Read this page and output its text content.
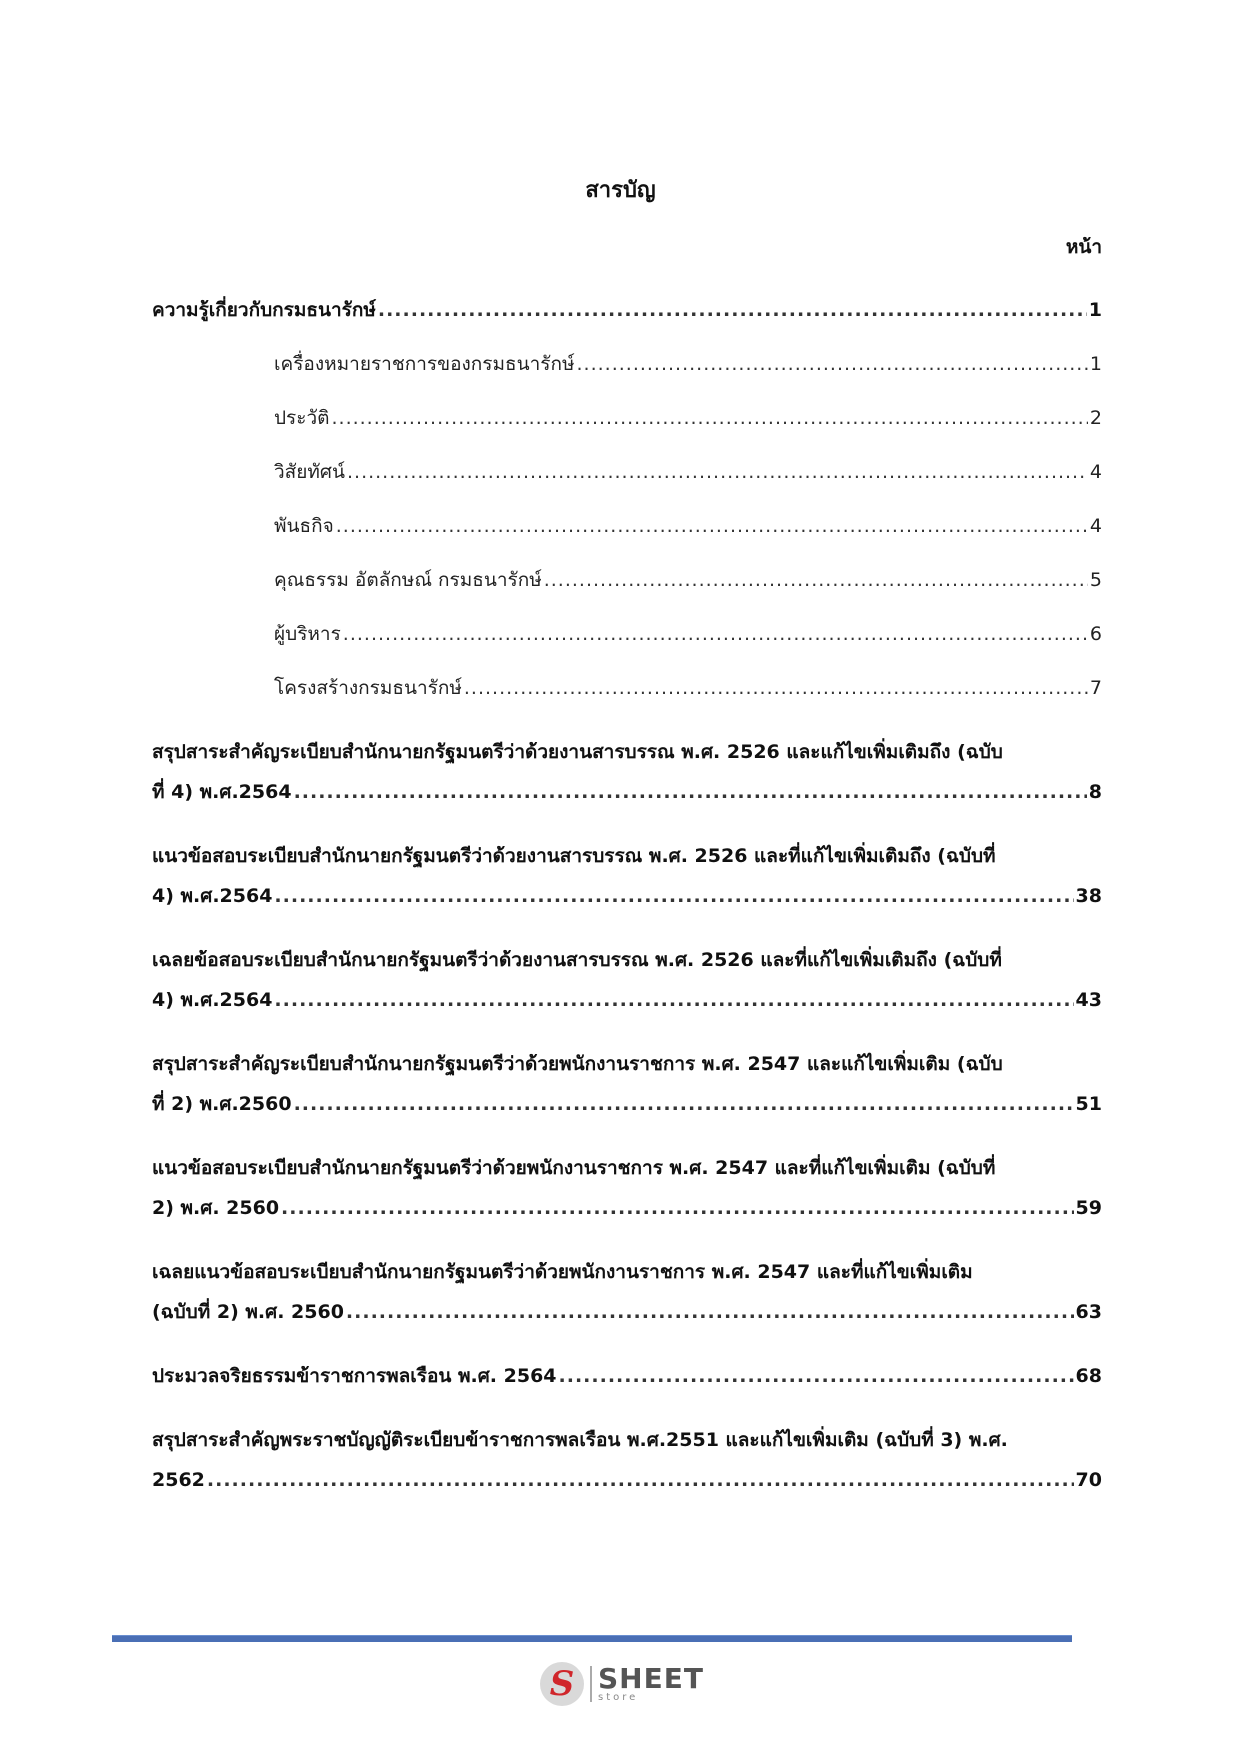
สารบัญ
หน้า
ความรู้เกี่ยวกับกรมธนารักษ์ .....	1
เครื่องหมายราชการของกรมธนารักษ์ .....	1
ประวัติ .....	2
วิสัยทัศน์ .....	4
พันธกิจ .....	4
คุณธรรม อัตลักษณ์ กรมธนารักษ์ .....	5
ผู้บริหาร .....	6
โครงสร้างกรมธนารักษ์ .....	7
สรุปสาระสำคัญระเบียบสำนักนายกรัฐมนตรีว่าด้วยงานสารบรรณ พ.ศ. 2526 และแก้ไขเพิ่มเติมถึง (ฉบับ
ที่ 4) พ.ศ.2564 .....	8
แนวข้อสอบระเบียบสำนักนายกรัฐมนตรีว่าด้วยงานสารบรรณ พ.ศ. 2526 และที่แก้ไขเพิ่มเติมถึง (ฉบับที่
4) พ.ศ.2564 .....	38
เฉลยข้อสอบระเบียบสำนักนายกรัฐมนตรีว่าด้วยงานสารบรรณ พ.ศ. 2526 และที่แก้ไขเพิ่มเติมถึง (ฉบับที่
4) พ.ศ.2564 .....	43
สรุปสาระสำคัญระเบียบสำนักนายกรัฐมนตรีว่าด้วยพนักงานราชการ พ.ศ. 2547 และแก้ไขเพิ่มเติม (ฉบับ
ที่ 2) พ.ศ.2560 .....	51
แนวข้อสอบระเบียบสำนักนายกรัฐมนตรีว่าด้วยพนักงานราชการ พ.ศ. 2547 และที่แก้ไขเพิ่มเติม (ฉบับที่
2) พ.ศ. 2560 .....	59
เฉลยแนวข้อสอบระเบียบสำนักนายกรัฐมนตรีว่าด้วยพนักงานราชการ พ.ศ. 2547 และที่แก้ไขเพิ่มเติม
(ฉบับที่ 2) พ.ศ. 2560 .....	63
ประมวลจริยธรรมข้าราชการพลเรือน พ.ศ. 2564 .....	68
สรุปสาระสำคัญพระราชบัญญัติระเบียบข้าราชการพลเรือน พ.ศ.2551 และแก้ไขเพิ่มเติม (ฉบับที่ 3) พ.ศ.
2562 .....	70
S SHEET
store
